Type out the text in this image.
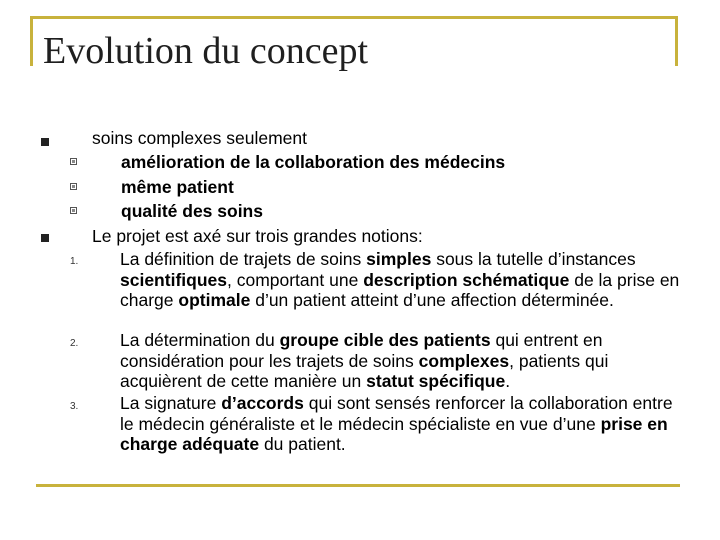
Evolution du concept
soins complexes seulement
amélioration de la collaboration des médecins
même patient
qualité des soins
Le projet est axé sur trois grandes notions:
1. La définition de trajets de soins simples sous la tutelle d’instances scientifiques, comportant une description schématique de la prise en charge optimale d’un patient atteint d’une affection déterminée.
2. La détermination du groupe cible des patients qui entrent en considération pour les trajets de soins complexes, patients qui acquièrent de cette manière un statut spécifique.
3. La signature d’accords qui sont sensés renforcer la collaboration entre le médecin généraliste et le médecin spécialiste en vue d’une prise en charge adéquate du patient.
